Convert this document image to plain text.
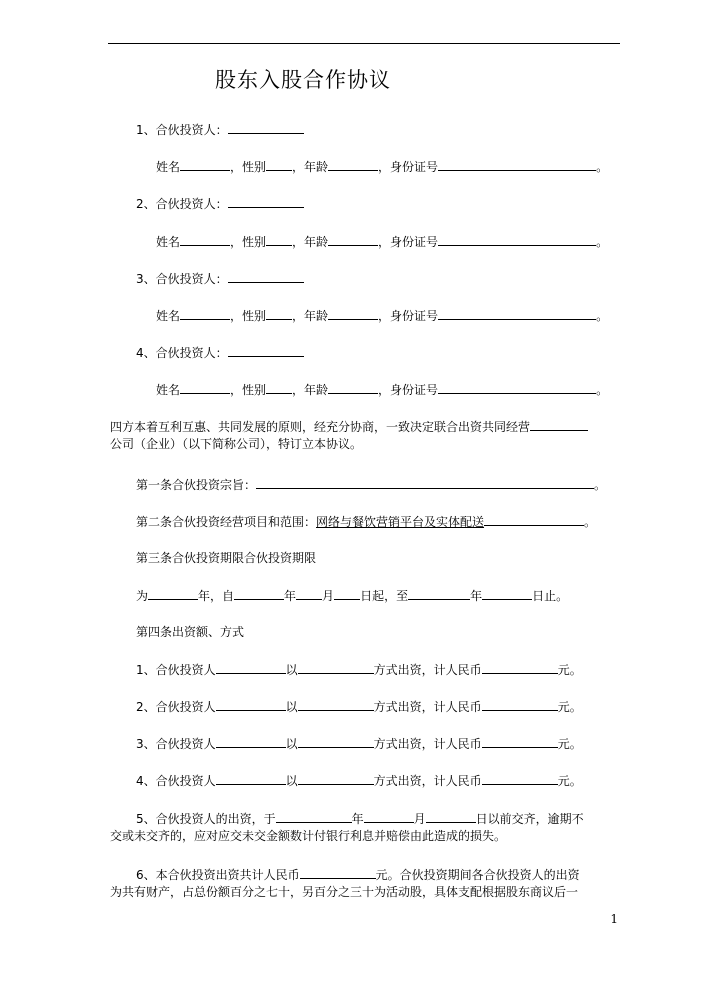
股东入股合作协议
1、合伙投资人：
姓名	，性别 ，年龄	，身份证号	。
2、合伙投资人：
姓名	，性别 ，年龄	，身份证号	。
3、合伙投资人：
姓名	，性别 ，年龄	，身份证号	。
4、合伙投资人：
姓名	，性别 ，年龄	，身份证号	。
四方本着互利互惠、共同发展的原则，经充分协商，一致决定联合出资共同经营
公司（企业）（以下简称公司），特订立本协议。
第一条合伙投资宗旨：	。
第二条合伙投资经营项目和范围：网络与餐饮营销平台及实体配送	。
第三条合伙投资期限合伙投资期限
为	年，自	年 月 日起，至	年	日止。
第四条出资额、方式
1、合伙投资人	以	方式出资，计人民币	元。
2、合伙投资人	以	方式出资，计人民币	元。
3、合伙投资人	以	方式出资，计人民币	元。
4、合伙投资人	以	方式出资，计人民币	元。
5、合伙投资人的出资，于	年	月	日以前交齐，逾期不
交或未交齐的，应对应交未交金额数计付银行利息并赔偿由此造成的损失。
6、本合伙投资出资共计人民币	元。合伙投资期间各合伙投资人的出资
为共有财产，占总份额百分之七十，另百分之三十为活动股，具体支配根据股东商议后一
1
